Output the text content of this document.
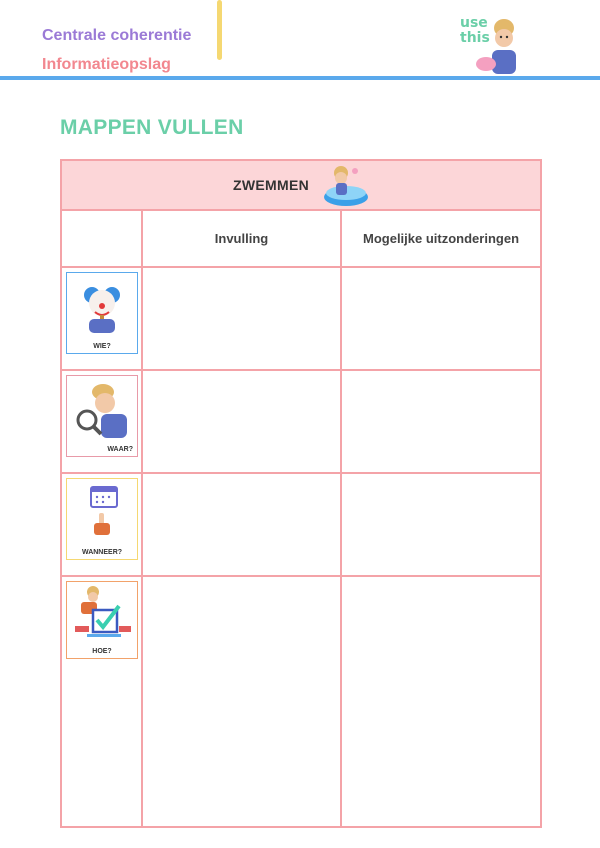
Centrale coherentie
Informatieopslag
use
this
MAPPEN VULLEN
ZWEMMEN		

	Invulling	Mogelijke uitzonderingen

WIE?		

WAAR?		

WANNEER?		

HOE?		
